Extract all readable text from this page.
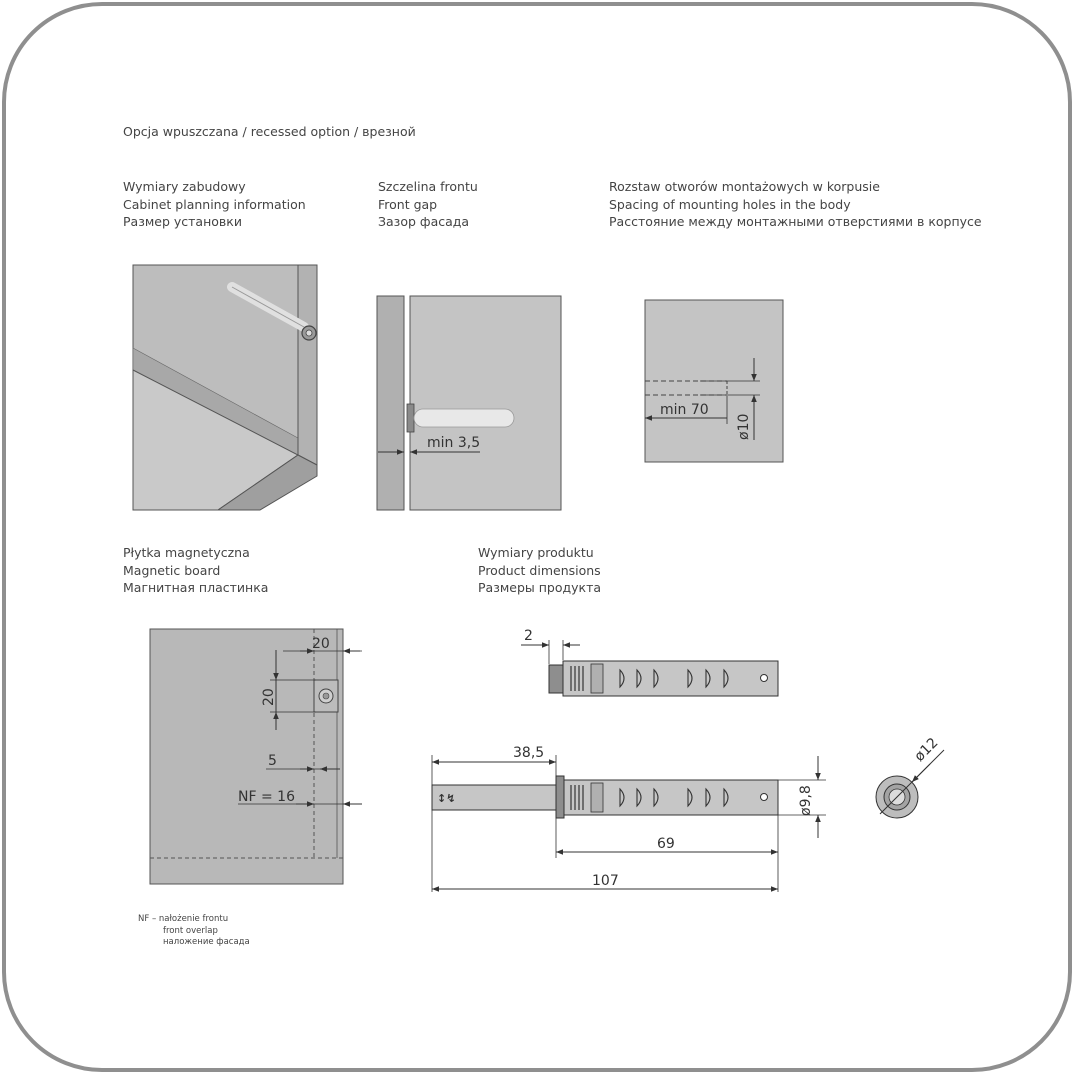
Opcja wpuszczana / recessed option / врезной
Wymiary zabudowy
Cabinet planning information
Размер установки
Szczelina frontu
Front gap
Зазор фасада
Rozstaw otworów montażowych w korpusie
Spacing of mounting holes in the body
Расстояние между монтажными отверстиями в корпусе
Płytka magnetyczna
Magnetic board
Магнитная пластинка
Wymiary produktu
Product dimensions
Размеры продукта
NF – nałożenie frontu
front overlap
наложение фасада
min 3,5
min 70
ø10
20
20
5
NF = 16
2
↕↯
38,5
ø9,8
69
107
ø12
